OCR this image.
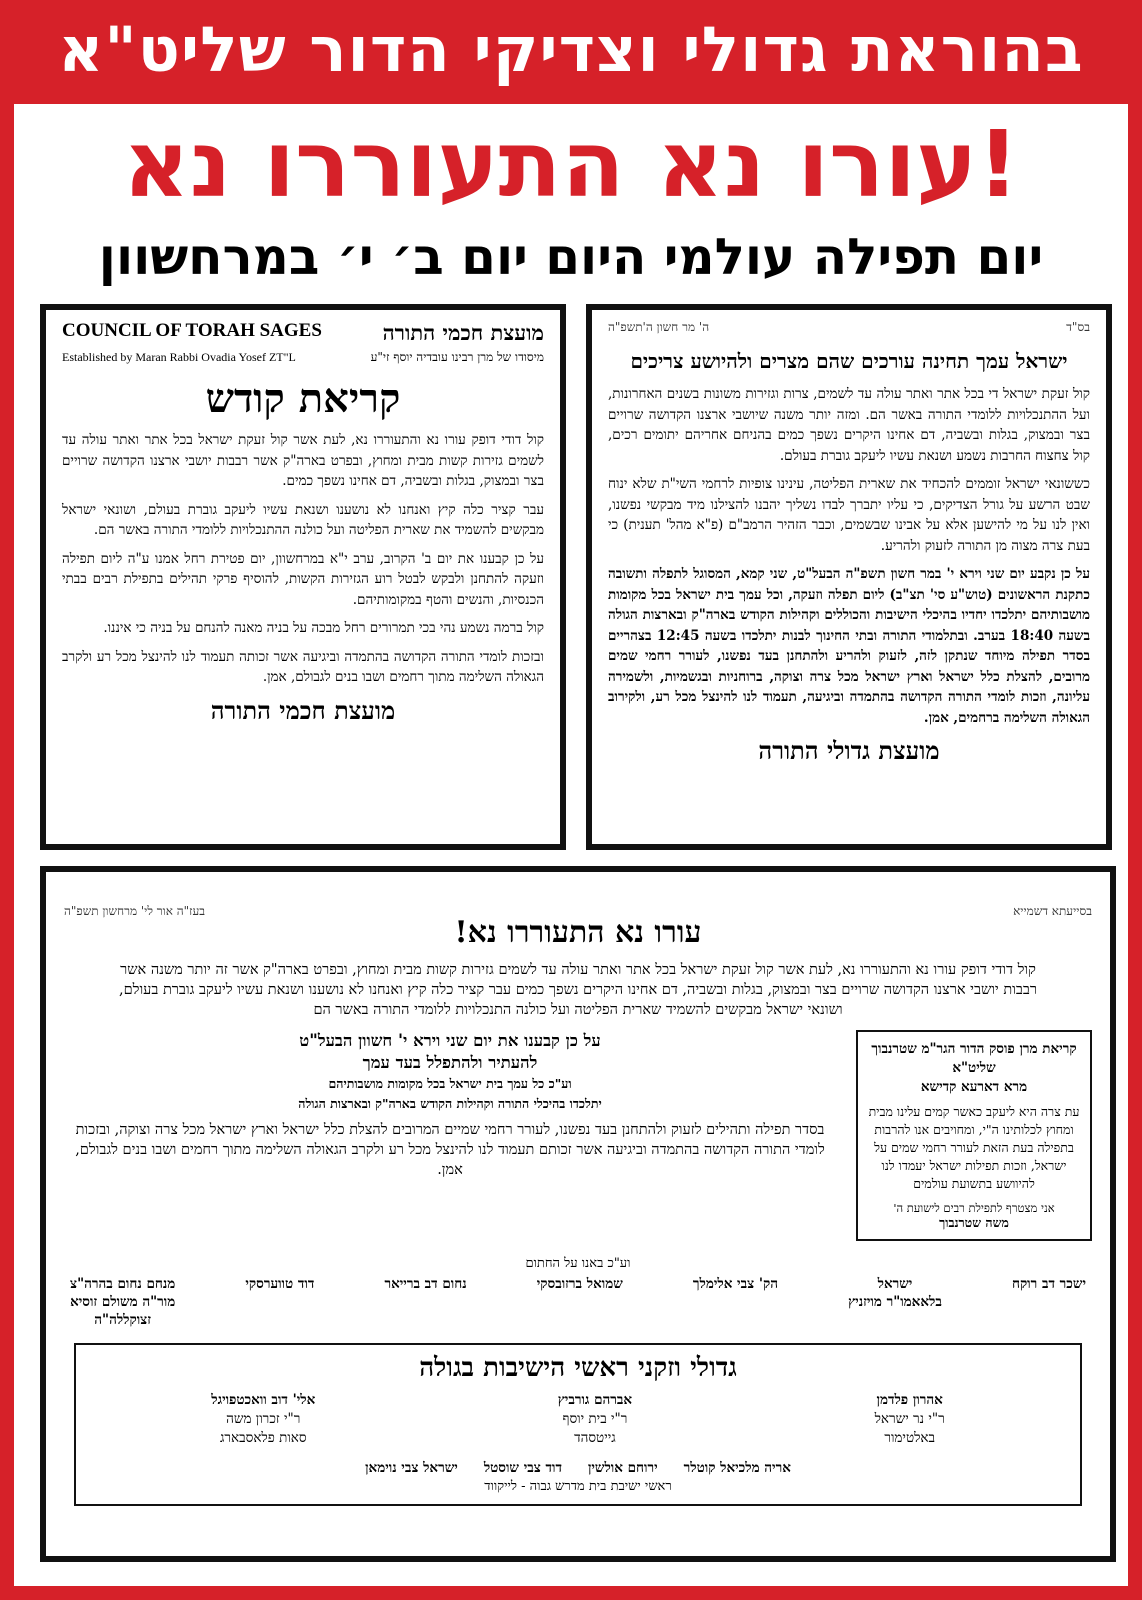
בהוראת גדולי וצדיקי הדור שליט"א
עורו נא התעוררו נא!
יום תפילה עולמי היום יום ב׳ י׳ במרחשוון
בס"ד
ה' מר חשון ה'תשפ"ה
ישראל עמך תחינה עורכים שהם מצרים ולהיושע צריכים

קול זעקת ישראל די בכל אתר ואתר עולה עד לשמים, צרות וגזירות משונות בשנים האחרונות, ועל ההתנכלויות ללומדי התורה באשר הם. ומזה יותר משנה שיושבי ארצנו הקדושה שרויים בצר ובמצוק, בגלות ובשביה, דם אחינו היקרים נשפך כמים בהניחם אחריהם יתומים רכים, קול צחצוח החרבות נשמע ושנאת עשיו ליעקב גוברת בעולם.

כששונאי ישראל זוממים להכחיד את שארית הפליטה, עינינו צופיות לרחמי השי"ת שלא ינוח שבט הרשע על גורל הצדיקים, כי עליו יתברך לבדו נשליך יהבנו להצילנו מיד מבקשי נפשנו, ואין לנו על מי להישען אלא על אבינו שבשמים, וכבר הזהיר הרמב"ם (פ"א מהל' תענית) כי בעת צרה מצוה מן התורה לזעוק ולהריע.

על כן נקבע יום שני וירא י' במר חשון תשפ"ה הבעל"ט, שני קמא, המסוגל לתפלה ותשובה כתקנת הראשונים (טוש"ע סי' תצ"ב) ליום תפלה וזעקה, וכל עמך בית ישראל בכל מקומות מושבותיהם יתלכדו יחדיו בהיכלי הישיבות והכוללים וקהילות הקודש בארה"ק ובארצות הגולה בשעה 18:40 בערב. ובתלמודי התורה ובתי החינוך לבנות יתלכדו בשעה 12:45 בצהריים בסדר תפילה מיוחד שנתקן לזה, לזעוק ולהריע ולהתחנן בעד נפשנו, לעורר רחמי שמים מרובים, להצלת כלל ישראל וארץ ישראל מכל צרה וצוקה, ברוחניות ובגשמיות, ולשמירה עליונה, וזכות לומדי התורה הקדושה בהתמדה וביגיעה, תעמוד לנו להינצל מכל רע, ולקירוב הגאולה השלימה ברחמים, אמן.

מועצת גדולי התורה
מועצת חכמי התורה
COUNCIL OF TORAH SAGES
מיסודו של מרן רבינו עובדיה יוסף זי"ע
Established by Maran Rabbi Ovadia Yosef ZT"L
קריאת קודש

קול דודי דופק עורו נא והתעוררו נא, לעת אשר קול זעקת ישראל בכל אתר ואתר עולה עד לשמים גזירות קשות מבית ומחוץ, ובפרט בארה"ק אשר רבבות יושבי ארצנו הקדושה שרויים בצר ובמצוק, בגלות ובשביה, דם אחינו נשפך כמים.

עבר קציר כלה קיץ ואנחנו לא נושענו ושנאת עשיו ליעקב גוברת בעולם, ושונאי ישראל מבקשים להשמיד את שארית הפליטה ועל כולנה ההתנכלויות ללומדי התורה באשר הם.

על כן קבענו את יום ב' הקרוב, ערב י"א במרחשוון, יום פטירת רחל אמנו ע"ה ליום תפילה וזעקה להתחנן ולבקש לבטל רוע הגזירות הקשות, להוסיף פרקי תהילים בתפילת רבים בבתי הכנסיות, והנשים והטף במקומותיהם.

קול ברמה נשמע נהי בכי תמרורים רחל מבכה על בניה מאנה להנחם על בניה כי איננו.

ובזכות לומדי התורה הקדושה בהתמדה וביגיעה אשר זכותה תעמוד לנו להינצל מכל רע ולקרב הגאולה השלימה מתוך רחמים ושבו בנים לגבולם, אמן.

מועצת חכמי התורה
בסייעתא דשמייא
בעז"ה אור לי' מרחשון תשפ"ה
עורו נא התעוררו נא!

קול דודי דופק עורו נא והתעוררו נא, לעת אשר קול זעקת ישראל בכל אתר ואתר עולה עד לשמים גזירות קשות מבית ומחוץ, ובפרט בארה"ק אשר זה יותר משנה אשר רבבות יושבי ארצנו הקדושה שרויים בצר ובמצוק, בגלות ובשביה, דם אחינו היקרים נשפך כמים עבר קציר כלה קיץ ואנחנו לא נושענו ושנאת עשיו ליעקב גוברת בעולם, ושונאי ישראל מבקשים להשמיד שארית הפליטה ועל כולנה התנכלויות ללומדי התורה באשר הם

קריאת מרן פוסק הדור הגר"מ שטרנבוך שליט"א
מרא דארעא קדישא
עת צרה היא ליעקב כאשר קמים עלינו מבית ומחוץ לכלותינו ה"י, ומחויבים אנו להרבות בתפילה בעת הזאת לעורר רחמי שמים על ישראל, וזכות תפילות ישראל יעמדו לנו להיוושע בתשועת עולמים
אני מצטרף לתפילת רבים לישועת ה'
משה שטרנבוך
על כן קבענו את יום שני וירא י' חשוון הבעל"ט
להעתיר ולהתפלל בעד עמך
וע"כ כל עמך בית ישראל בכל מקומות מושבותיהם
יתלכדו בהיכלי התורה וקהילות הקודש בארה"ק ובארצות הגולה
בסדר תפילה ותהילים לזעוק ולהתחנן בעד נפשנו, לעורר רחמי שמיים המרובים להצלת כלל ישראל וארץ ישראל מכל צרה וצוקה, ובזכות לומדי התורה הקדושה בהתמדה וביגיעה אשר זכותם תעמוד לנו להינצל מכל רע ולקרב הגאולה השלימה מתוך רחמים ושבו בנים לגבולם, אמן.
וע"כ באנו על החתום
ישכר דב רוקח
ישראל
בלאאמו"ר מויזניץ
הק' צבי אלימלך
שמואל ברזובסקי
נחום דב ברייאר
דוד טווערסקי
מנחם נחום בהרה"צ
מור"ה משולם זוסיא
זצוקללה"ה
גדולי וזקני ראשי הישיבות בגולה
אהרון פלדמן
ר"י נר ישראל
באלטימור
אברהם גורביץ
ר"י בית יוסף
גייטסהד
אלי' דוב וואכטפויגל
ר"י זכרון משה
סאות פלאסבארג
אריה מלכיאל קוטלר
ירוחם אולשין
דוד צבי שוסטל
ישראל צבי נוימאן
ראשי ישיבת בית מדרש גבוה - לייקווד
